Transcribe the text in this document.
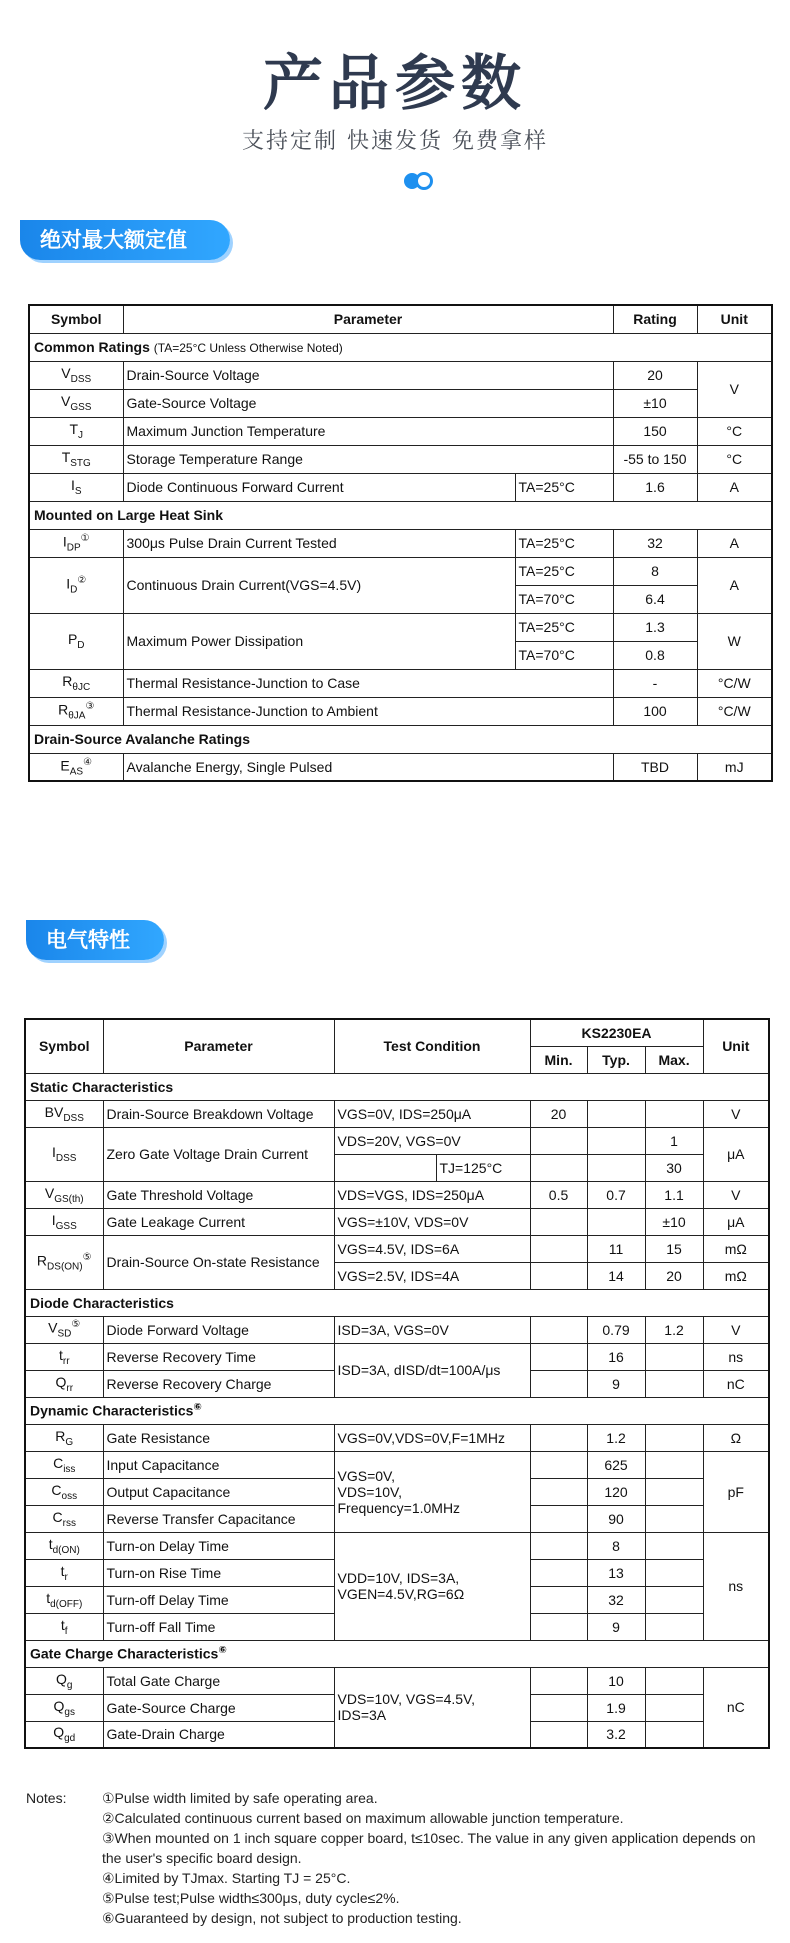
产品参数
支持定制 快速发货 免费拿样
绝对最大额定值
Symbol	Parameter		Rating	Unit
Common Ratings (TA=25°C Unless Otherwise Noted)				
$V_{DSS}$	Drain-Source Voltage		20	V
$V_{GSS}$	Gate-Source Voltage		±10	
$T_J$	Maximum Junction Temperature		150	°C
$T_{STG}$	Storage Temperature Range		-55 to 150	°C
$I_S$	Diode Continuous Forward Current	TA=25°C	1.6	A
Mounted on Large Heat Sink				
$I_{DP}^①$	300μs Pulse Drain Current Tested	TA=25°C	32	A
$I_D^②$	Continuous Drain Current(VGS=4.5V)	TA=25°C	8	A
		TA=70°C	6.4	
$P_D$	Maximum Power Dissipation	TA=25°C	1.3	W
		TA=70°C	0.8	
$R_{\theta JC}$	Thermal Resistance-Junction to Case		-	°C/W
$R_{\theta JA}^③$	Thermal Resistance-Junction to Ambient		100	°C/W
Drain-Source Avalanche Ratings				
$E_{AS}^④$	Avalanche Energy, Single Pulsed		TBD	mJ
电气特性
Symbol	Parameter	Test Condition		KS2230EA			Unit
				Min.	Typ.	Max.	
Static Characteristics							
$BV_{DSS}$	Drain-Source Breakdown Voltage	VGS=0V, IDS=250μA		20			V
$I_{DSS}$	Zero Gate Voltage Drain Current	VDS=20V, VGS=0V				1	μA
			TJ=125°C			30	
$V_{GS(th)}$	Gate Threshold Voltage	VDS=VGS, IDS=250μA		0.5	0.7	1.1	V
$I_{GSS}$	Gate Leakage Current	VGS=±10V, VDS=0V				±10	μA
$R_{DS(ON)}^⑤$	Drain-Source On-state Resistance	VGS=4.5V, IDS=6A			11	15	mΩ
		VGS=2.5V, IDS=4A			14	20	mΩ
Diode Characteristics							
$V_{SD}^⑤$	Diode Forward Voltage	ISD=3A, VGS=0V			0.79	1.2	V
$t_{rr}$	Reverse Recovery Time	ISD=3A, dISD/dt=100A/μs			16		ns
$Q_{rr}$	Reverse Recovery Charge				9		nC
Dynamic Characteristics⑥
$R_G$	Gate Resistance	VGS=0V,VDS=0V,F=1MHz			1.2		Ω
$C_{iss}$	Input Capacitance	VGS=0V,
VDS=10V,
Frequency=1.0MHz			625		pF
$C_{oss}$	Output Capacitance				120		
$C_{rss}$	Reverse Transfer Capacitance				90		
$t_{d(ON)}$	Turn-on Delay Time	VDD=10V, IDS=3A,
VGEN=4.5V,RG=6Ω			8		ns
$t_r$	Turn-on Rise Time				13		
$t_{d(OFF)}$	Turn-off Delay Time				32		
$t_f$	Turn-off Fall Time				9		
Gate Charge Characteristics⑥
$Q_g$	Total Gate Charge	VDS=10V, VGS=4.5V,
IDS=3A			10		nC
$Q_{gs}$	Gate-Source Charge				1.9		
$Q_{gd}$	Gate-Drain Charge				3.2		
Notes:	①Pulse width limited by safe operating area.
②Calculated continuous current based on maximum allowable junction temperature.
③When mounted on 1 inch square copper board, t≤10sec. The value in any given application depends on the user's specific board design.
④Limited by TJmax. Starting TJ = 25°C.
⑤Pulse test;Pulse width≤300μs, duty cycle≤2%.
⑥Guaranteed by design, not subject to production testing.
